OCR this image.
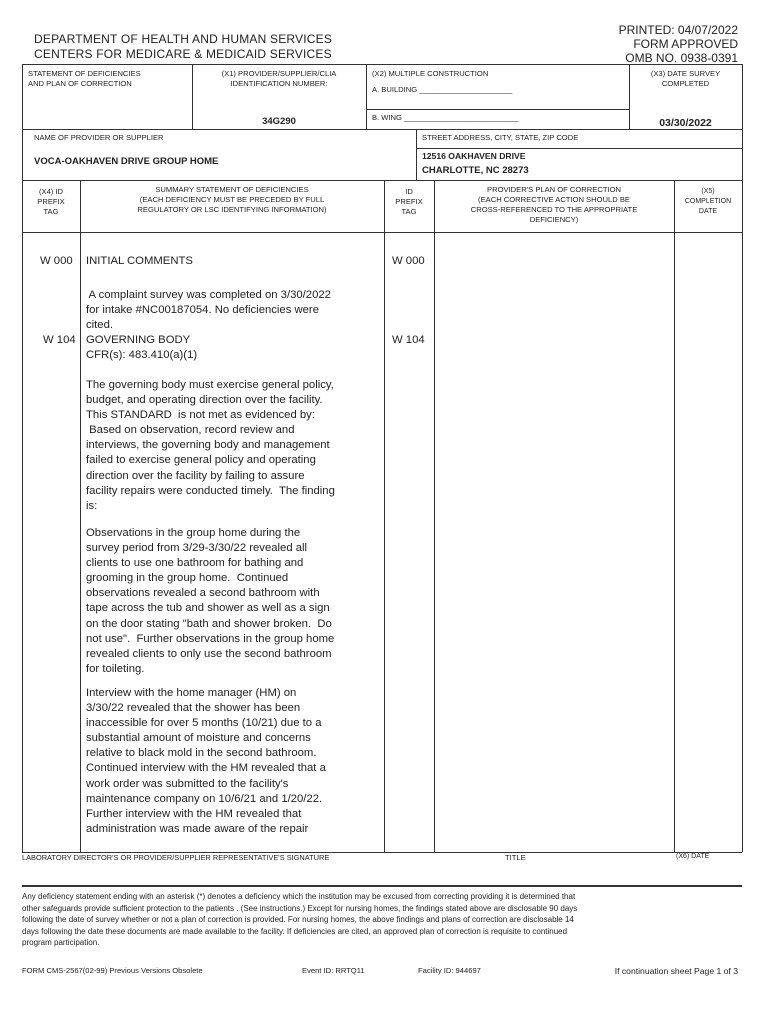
DEPARTMENT OF HEALTH AND HUMAN SERVICES
CENTERS FOR MEDICARE & MEDICAID SERVICES
PRINTED: 04/07/2022
FORM APPROVED
OMB NO. 0938-0391
STATEMENT OF DEFICIENCIES
AND PLAN OF CORRECTION
(X1) PROVIDER/SUPPLIER/CLIA
IDENTIFICATION NUMBER:
34G290
(X2) MULTIPLE CONSTRUCTION
A. BUILDING ______________________
B. WING ___________________________
(X3) DATE SURVEY
COMPLETED
03/30/2022
NAME OF PROVIDER OR SUPPLIER
VOCA-OAKHAVEN DRIVE GROUP HOME
STREET ADDRESS, CITY, STATE, ZIP CODE
12516 OAKHAVEN DRIVE
CHARLOTTE, NC 28273
(X4) ID
PREFIX
TAG
SUMMARY STATEMENT OF DEFICIENCIES
(EACH DEFICIENCY MUST BE PRECEDED BY FULL
REGULATORY OR LSC IDENTIFYING INFORMATION)
ID
PREFIX
TAG
PROVIDER'S PLAN OF CORRECTION
(EACH CORRECTIVE ACTION SHOULD BE
CROSS-REFERENCED TO THE APPROPRIATE
DEFICIENCY)
(X5)
COMPLETION
DATE
W 000	W 000
INITIAL COMMENTS
A complaint survey was completed on 3/30/2022
for intake #NC00187054. No deficiencies were
cited.
W 104	W 104
GOVERNING BODY
CFR(s): 483.410(a)(1)
The governing body must exercise general policy,
budget, and operating direction over the facility.
This STANDARD  is not met as evidenced by:
Based on observation, record review and
interviews, the governing body and management
failed to exercise general policy and operating
direction over the facility by failing to assure
facility repairs were conducted timely.  The finding
is:
Observations in the group home during the
survey period from 3/29-3/30/22 revealed all
clients to use one bathroom for bathing and
grooming in the group home.  Continued
observations revealed a second bathroom with
tape across the tub and shower as well as a sign
on the door stating "bath and shower broken.  Do
not use".  Further observations in the group home
revealed clients to only use the second bathroom
for toileting.
Interview with the home manager (HM) on
3/30/22 revealed that the shower has been
inaccessible for over 5 months (10/21) due to a
substantial amount of moisture and concerns
relative to black mold in the second bathroom.
Continued interview with the HM revealed that a
work order was submitted to the facility's
maintenance company on 10/6/21 and 1/20/22.
Further interview with the HM revealed that
administration was made aware of the repair
LABORATORY DIRECTOR'S OR PROVIDER/SUPPLIER REPRESENTATIVE'S SIGNATURE	TITLE	(X6) DATE
Any deficiency statement ending with an asterisk (*) denotes a deficiency which the institution may be excused from correcting providing it is determined that
other safeguards provide sufficient protection to the patients . (See instructions.) Except for nursing homes, the findings stated above are disclosable 90 days
following the date of survey whether or not a plan of correction is provided. For nursing homes, the above findings and plans of correction are disclosable 14
days following the date these documents are made available to the facility. If deficiencies are cited, an approved plan of correction is requisite to continued
program participation.
FORM CMS-2567(02-99) Previous Versions Obsolete	Event ID: RRTQ11	Facility ID: 944697	If continuation sheet Page 1 of 3
